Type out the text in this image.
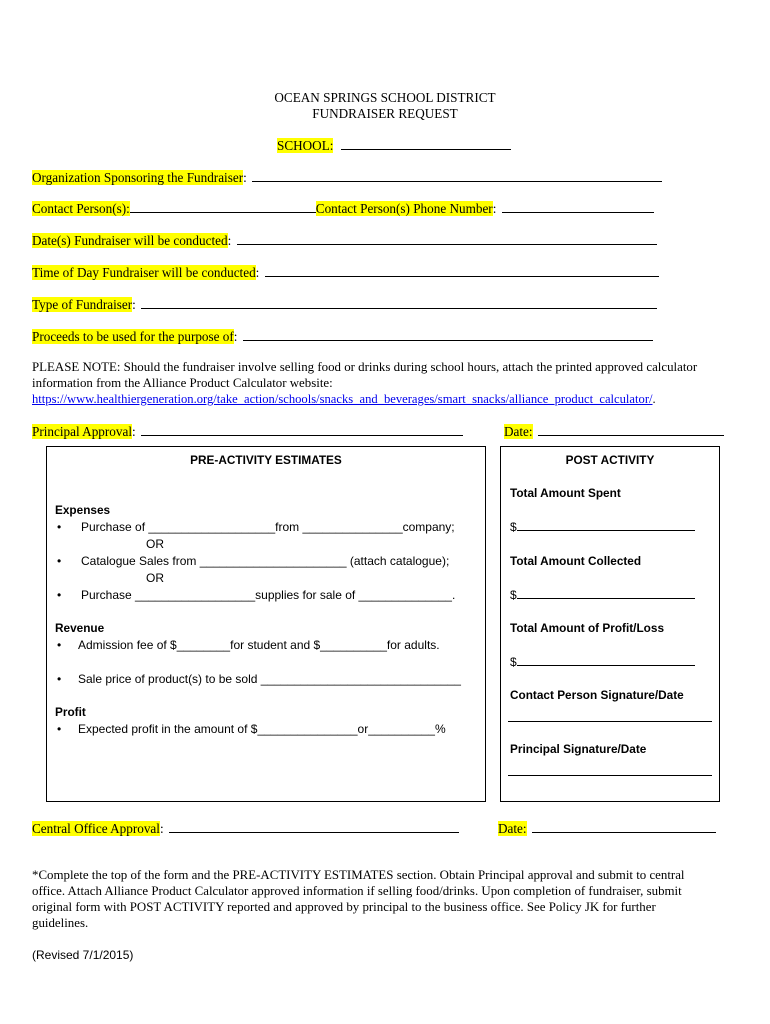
OCEAN SPRINGS SCHOOL DISTRICT
FUNDRAISER REQUEST
SCHOOL:
Organization Sponsoring the Fundraiser:
Contact Person(s):	Contact Person(s) Phone Number:
Date(s) Fundraiser will be conducted:
Time of Day Fundraiser will be conducted:
Type of Fundraiser:
Proceeds to be used for the purpose of:
PLEASE NOTE: Should the fundraiser involve selling food or drinks during school hours, attach the printed approved calculator
information from the Alliance Product Calculator website:
https://www.healthiergeneration.org/take_action/schools/snacks_and_beverages/smart_snacks/alliance_product_calculator/.
Principal Approval:	Date:
PRE-ACTIVITY ESTIMATES
Expenses
• Purchase of ___________________from _______________company;
OR
• Catalogue Sales from ______________________ (attach catalogue);
OR
• Purchase __________________supplies for sale of ______________.
Revenue
• Admission fee of $________for student and $__________for adults.
• Sale price of product(s) to be sold ______________________________
Profit
• Expected profit in the amount of $_______________or__________%
POST ACTIVITY
Total Amount Spent
$
Total Amount Collected
$
Total Amount of Profit/Loss
$
Contact Person Signature/Date
Principal Signature/Date
Central Office Approval:	Date:
*Complete the top of the form and the PRE-ACTIVITY ESTIMATES section. Obtain Principal approval and submit to central
office. Attach Alliance Product Calculator approved information if selling food/drinks. Upon completion of fundraiser, submit
original form with POST ACTIVITY reported and approved by principal to the business office. See Policy JK for further
guidelines.
(Revised 7/1/2015)
